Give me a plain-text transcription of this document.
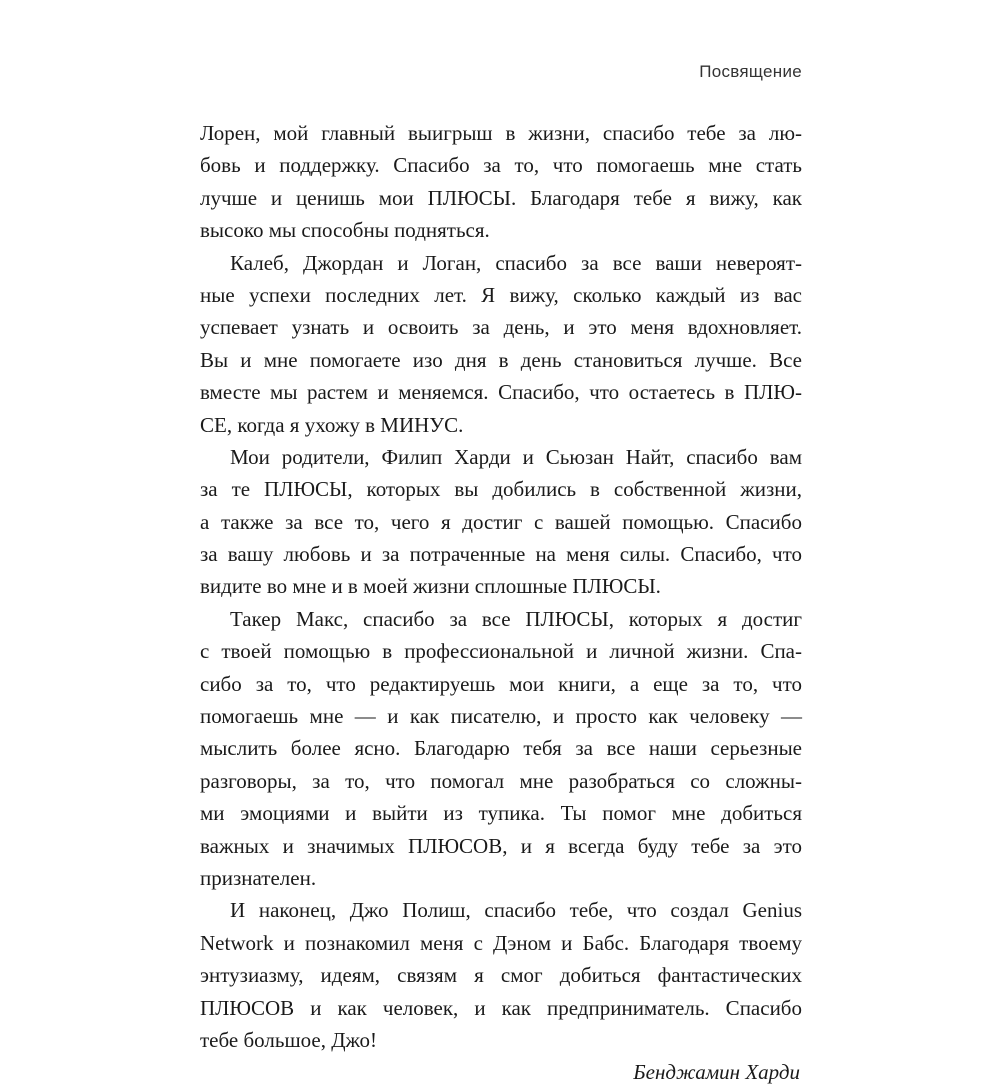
Посвящение
Лорен, мой главный выигрыш в жизни, спасибо тебе за лю-
бовь и поддержку. Спасибо за то, что помогаешь мне стать
лучше и ценишь мои ПЛЮСЫ. Благодаря тебе я вижу, как
высоко мы способны подняться.
Калеб, Джордан и Логан, спасибо за все ваши невероят-
ные успехи последних лет. Я вижу, сколько каждый из вас
успевает узнать и освоить за день, и это меня вдохновляет.
Вы и мне помогаете изо дня в день становиться лучше. Все
вместе мы растем и меняемся. Спасибо, что остаетесь в ПЛЮ-
СЕ, когда я ухожу в МИНУС.
Мои родители, Филип Харди и Сьюзан Найт, спасибо вам
за те ПЛЮСЫ, которых вы добились в собственной жизни,
а также за все то, чего я достиг с вашей помощью. Спасибо
за вашу любовь и за потраченные на меня силы. Спасибо, что
видите во мне и в моей жизни сплошные ПЛЮСЫ.
Такер Макс, спасибо за все ПЛЮСЫ, которых я достиг
с твоей помощью в профессиональной и личной жизни. Спа-
сибо за то, что редактируешь мои книги, а еще за то, что
помогаешь мне — и как писателю, и просто как человеку —
мыслить более ясно. Благодарю тебя за все наши серьезные
разговоры, за то, что помогал мне разобраться со сложны-
ми эмоциями и выйти из тупика. Ты помог мне добиться
важных и значимых ПЛЮСОВ, и я всегда буду тебе за это
признателен.
И наконец, Джо Полиш, спасибо тебе, что создал Genius
Network и познакомил меня с Дэном и Бабс. Благодаря твоему
энтузиазму, идеям, связям я смог добиться фантастических
ПЛЮСОВ и как человек, и как предприниматель. Спасибо
тебе большое, Джо!
Бенджамин Харди
